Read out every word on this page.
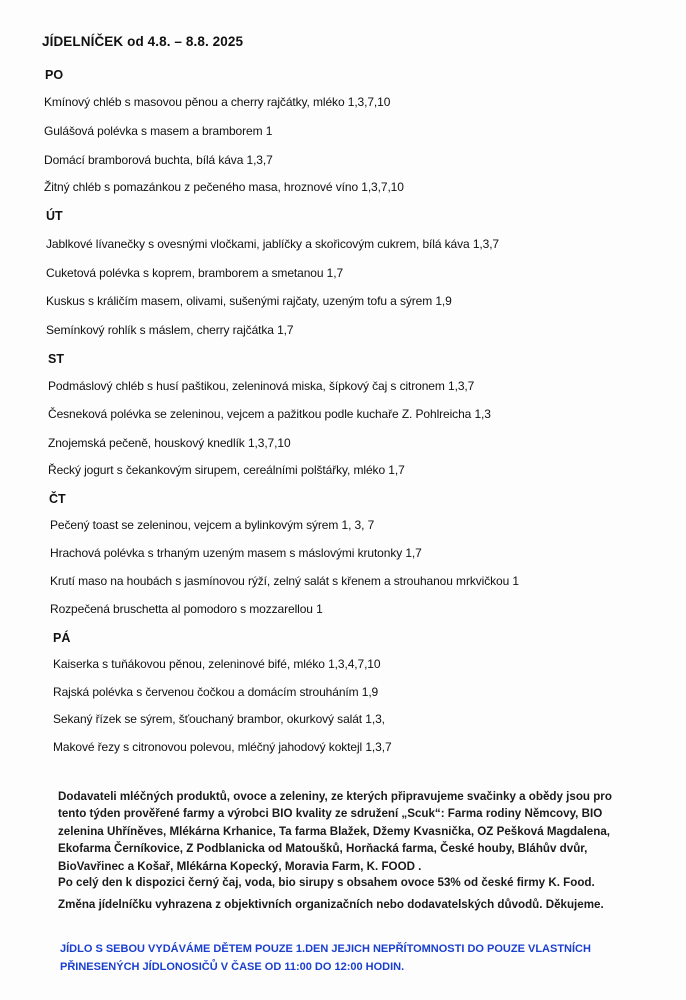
JÍDELNÍČEK od 4.8. – 8.8. 2025
PO
Kmínový chléb s masovou pěnou a cherry rajčátky, mléko 1,3,7,10
Gulášová polévka s masem a bramborem 1
Domácí bramborová buchta, bílá káva 1,3,7
Žitný chléb s pomazánkou z pečeného masa, hroznové víno 1,3,7,10
ÚT
Jablkové lívanečky s ovesnými vločkami, jablíčky a skořicovým cukrem, bílá káva 1,3,7
Cuketová polévka s koprem, bramborem a smetanou 1,7
Kuskus s králičím masem, olivami, sušenými rajčaty, uzeným tofu a sýrem 1,9
Semínkový rohlík s máslem, cherry rajčátka 1,7
ST
Podmáslový chléb s husí paštikou, zeleninová miska, šípkový čaj s citronem 1,3,7
Česneková polévka se zeleninou, vejcem a pažitkou podle kuchaře Z. Pohlreicha 1,3
Znojemská pečeně, houskový knedlík 1,3,7,10
Řecký jogurt s čekankovým sirupem, cereálními polštářky, mléko 1,7
ČT
Pečený toast se zeleninou, vejcem a bylinkovým sýrem 1, 3, 7
Hrachová polévka s trhaným uzeným masem s máslovými krutonky 1,7
Krutí maso na houbách s jasmínovou rýží, zelný salát s křenem a strouhanou mrkvičkou 1
Rozpečená bruschetta al pomodoro s mozzarellou 1
PÁ
Kaiserka s tuňákovou pěnou, zeleninové bifé, mléko 1,3,4,7,10
Rajská polévka s červenou čočkou a domácím strouháním 1,9
Sekaný řízek se sýrem, šťouchaný brambor, okurkový salát 1,3,
Makové řezy s citronovou polevou, mléčný jahodový koktejl 1,3,7

Dodavateli mléčných produktů, ovoce a zeleniny, ze kterých připravujeme svačinky a obědy jsou pro tento týden prověřené farmy a výrobci BIO kvality ze sdružení „Scuk“: Farma rodiny Němcovy, BIO zelenina Uhříněves, Mlékárna Krhanice, Ta farma Blažek, Džemy Kvasnička, OZ Pešková Magdalena, Ekofarma Černíkovice, Z Podblanicka od Matoušků, Horňacká farma, České houby, Bláhův dvůr, BioVavřinec a Košař, Mlékárna Kopecký, Moravia Farm, K. FOOD .

Po celý den k dispozici černý čaj, voda, bio sirupy s obsahem ovoce 53% od české firmy K. Food.

Změna jídelníčku vyhrazena z objektivních organizačních nebo dodavatelských důvodů. Děkujeme.

JÍDLO S SEBOU VYDÁVÁME DĚTEM POUZE 1.DEN JEJICH NEPŘÍTOMNOSTI DO POUZE VLASTNÍCH PŘINESENÝCH JÍDLONOSIČŮ V ČASE OD 11:00 DO 12:00 HODIN.
